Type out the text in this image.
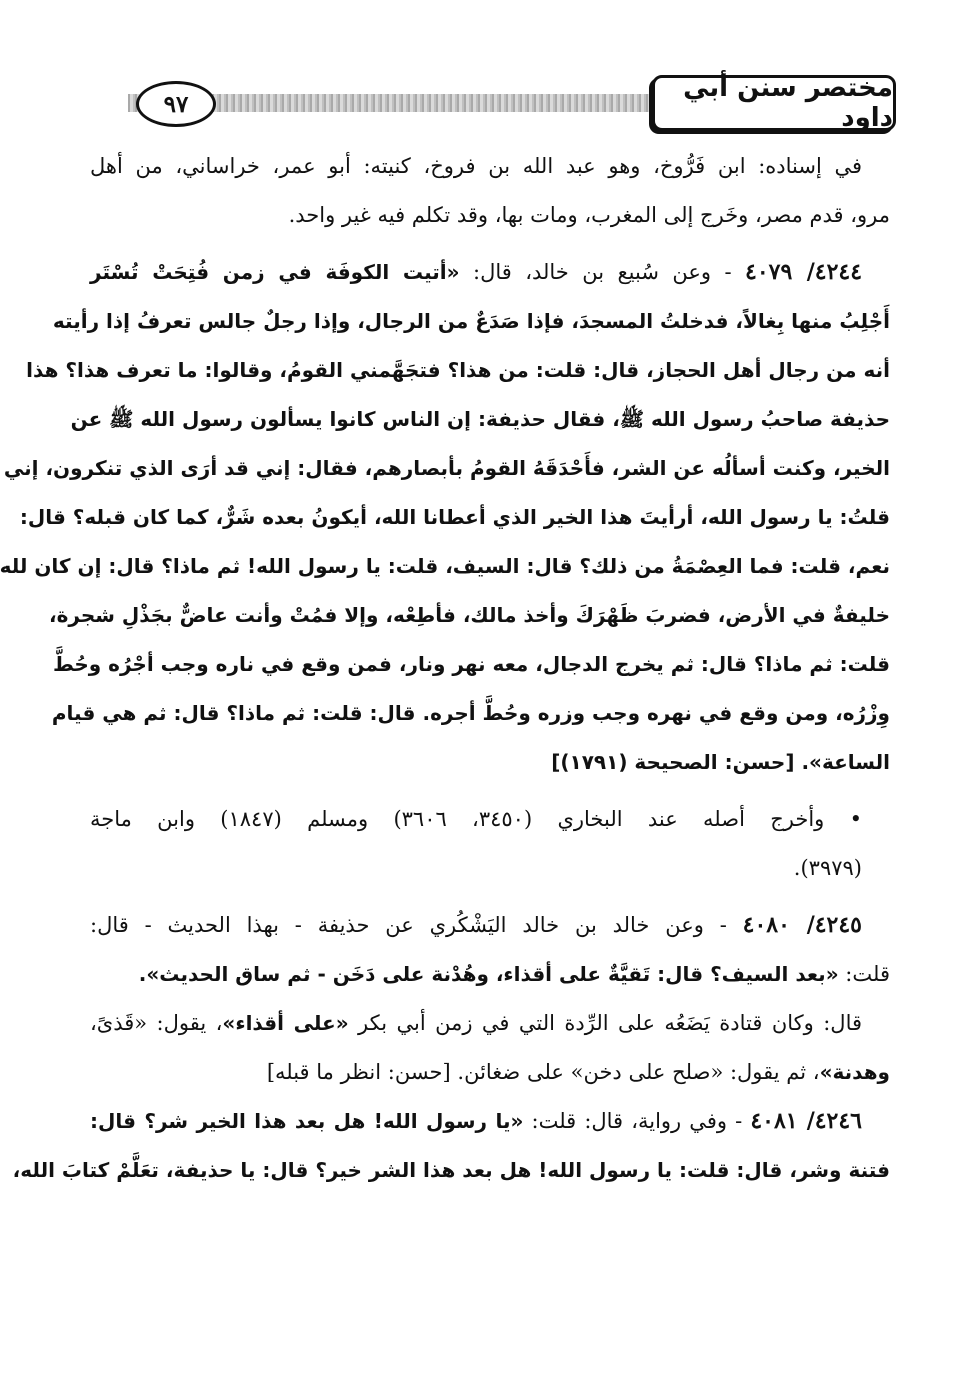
٩٧
مختصر سنن أبي داود
في إسناده: ابن فَرُّوخ، وهو عبد الله بن فروخ، كنيته: أبو عمر، خراساني، من أهل
مرو، قدم مصر، وخَرج إلى المغرب، ومات بها، وقد تكلم فيه غير واحد.
٤٢٤٤/ ٤٠٧٩ - وعن سُبيع بن خالد، قال: «أتيت الكوفَة في زمن فُتِحَتْ تُسْتَر
أَجْلِبُ منها بِغالاً، فدخلتُ المسجدَ، فإذا صَدَعٌ من الرجال، وإذا رجلٌ جالس تعرفُ إذا رأيته
أنه من رجال أهل الحجاز، قال: قلت: من هذا؟ فتجَهَّمني القومُ، وقالوا: ما تعرف هذا؟ هذا
حذيفة صاحبُ رسول الله ﷺ، فقال حذيفة: إن الناس كانوا يسألون رسول الله ﷺ عن
الخير، وكنت أسألُه عن الشر، فأَحْدَقَهُ القومُ بأبصارهم، فقال: إني قد أرَى الذي تنكرون، إني
قلتُ: يا رسول الله، أرأيتَ هذا الخير الذي أعطانا الله، أيكونُ بعده شَرٌّ، كما كان قبله؟ قال:
نعم، قلت: فما العِصْمَةُ من ذلك؟ قال: السيف، قلت: يا رسول الله! ثم ماذا؟ قال: إن كان لله
خليفةٌ في الأرض، فضربَ ظَهْرَكَ وأخذ مالك، فأطِعْه، وإلا فمُتْ وأنت عاضٌّ بجَذْلِ شجرة،
قلت: ثم ماذا؟ قال: ثم يخرج الدجال، معه نهر ونار، فمن وقع في ناره وجب أجْرُه وحُطَّ
وِزْرُه، ومن وقع في نهره وجب وزره وحُطَّ أجره. قال: قلت: ثم ماذا؟ قال: ثم هي قيام
الساعة». [حسن: الصحيحة (١٧٩١)]
• وأخرج أصله عند البخاري (٣٤٥٠، ٣٦٠٦) ومسلم (١٨٤٧) وابن ماجة
(٣٩٧٩).
٤٢٤٥/ ٤٠٨٠ - وعن خالد بن خالد اليَشْكُري عن حذيفة - بهذا الحديث - قال:
قلت: «بعد السيف؟ قال: تَقيَّةٌ على أقذاء، وهُدْنة على دَخَن - ثم ساق الحديث».
قال: وكان قتادة يَضَعُه على الرِّدة التي في زمن أبي بكر «على أقذاء»، يقول: «قَذىً،
وهدنة»، ثم يقول: «صلح على دخن» على ضغائن. [حسن: انظر ما قبله]
٤٢٤٦/ ٤٠٨١ - وفي رواية، قال: قلت: «يا رسول الله! هل بعد هذا الخير شر؟ قال:
فتنة وشر، قال: قلت: يا رسول الله! هل بعد هذا الشر خير؟ قال: يا حذيفة، تعَلَّمْ كتابَ الله،
